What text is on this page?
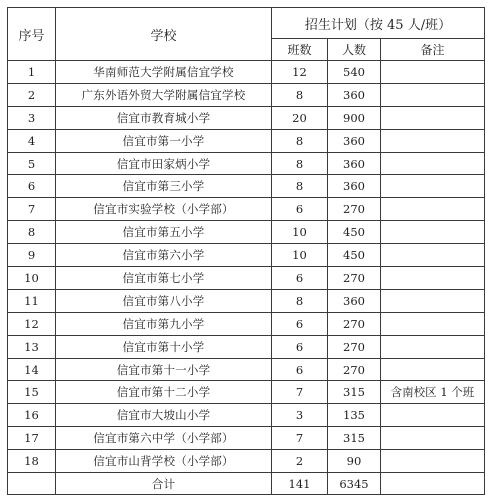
序号	学校	招生计划（按 45 人/班）		
		班数	人数	备注
1	华南师范大学附属信宜学校	12	540	
2	广东外语外贸大学附属信宜学校	8	360	
3	信宜市教育城小学	20	900	
4	信宜市第一小学	8	360	
5	信宜市田家炳小学	8	360	
6	信宜市第三小学	8	360	
7	信宜市实验学校（小学部）	6	270	
8	信宜市第五小学	10	450	
9	信宜市第六小学	10	450	
10	信宜市第七小学	6	270	
11	信宜市第八小学	8	360	
12	信宜市第九小学	6	270	
13	信宜市第十小学	6	270	
14	信宜市第十一小学	6	270	
15	信宜市第十二小学	7	315	含南校区 1 个班
16	信宜市大坡山小学	3	135	
17	信宜市第六中学（小学部）	7	315	
18	信宜市山背学校（小学部）	2	90	
	合计	141	6345	
